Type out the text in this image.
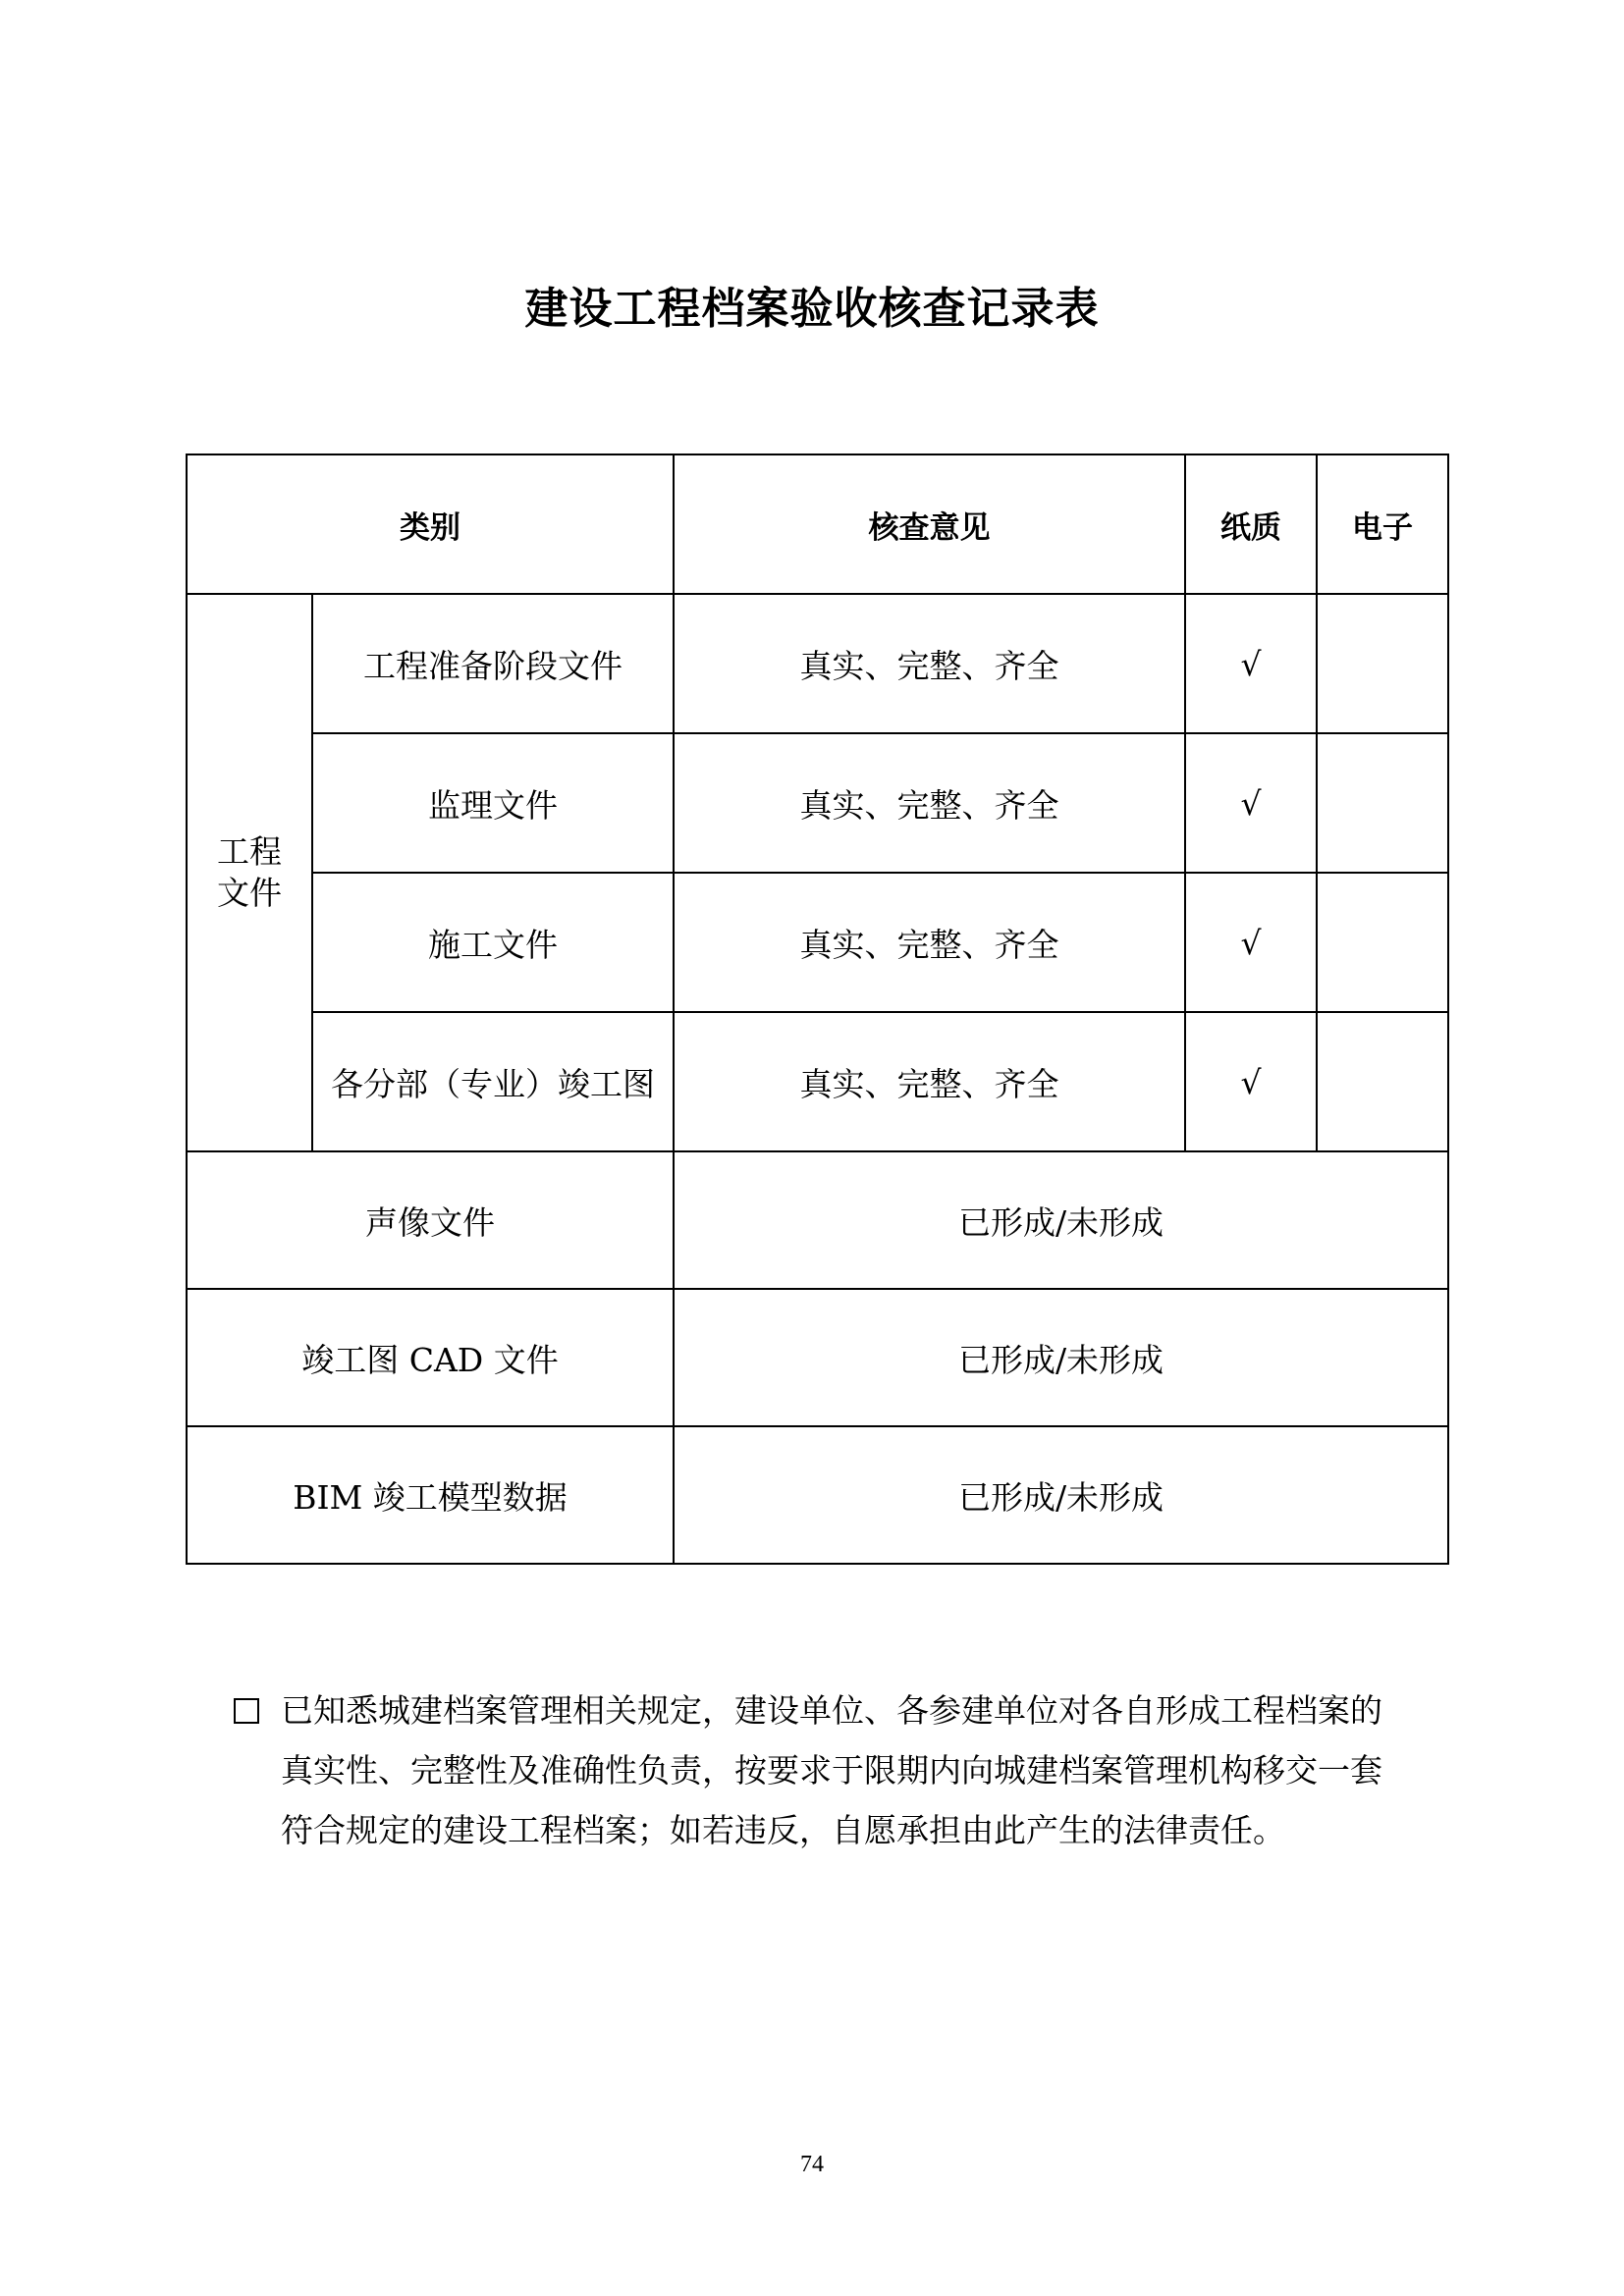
建设工程档案验收核查记录表
类别		核查意见	纸质	电子

工程
文件	工程准备阶段文件	真实、完整、齐全	√	
	监理文件	真实、完整、齐全	√	
	施工文件	真实、完整、齐全	√	
	各分部（专业）竣工图	真实、完整、齐全	√	
声像文件		已形成/未形成		
竣工图 CAD 文件		已形成/未形成		
BIM 竣工模型数据		已形成/未形成		
已知悉城建档案管理相关规定，建设单位、各参建单位对各自形成工程档案的
真实性、完整性及准确性负责，按要求于限期内向城建档案管理机构移交一套
符合规定的建设工程档案；如若违反，自愿承担由此产生的法律责任。
74
